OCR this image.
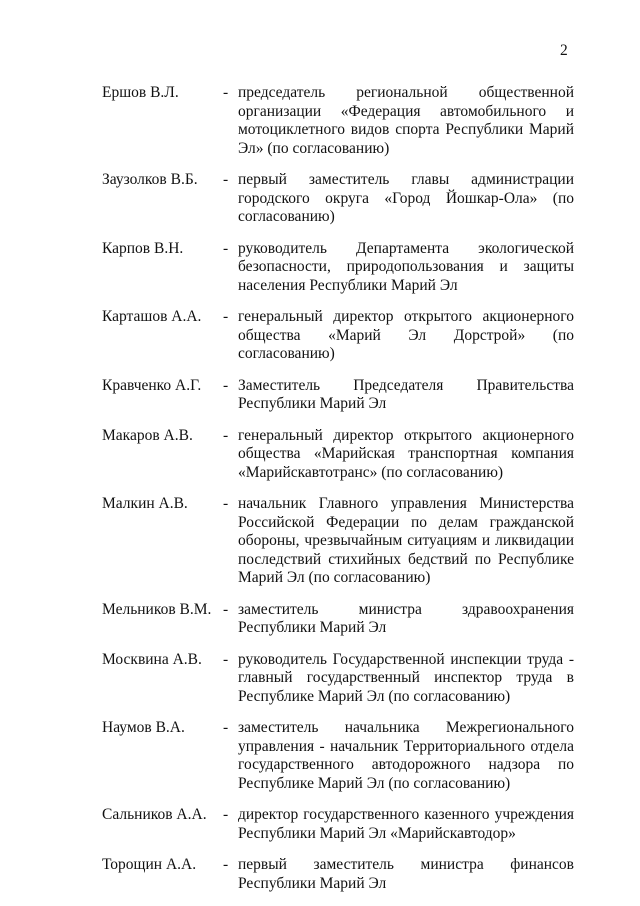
2
Ершов В.Л.	- председатель региональной общественной организации «Федерация автомобильного и мотоциклетного видов спорта Республики Марий Эл» (по согласованию)
Заузолков В.Б.	- первый заместитель главы администрации городского округа «Город Йошкар-Ола» (по согласованию)
Карпов В.Н.	- руководитель Департамента экологической безопасности, природопользования и защиты населения Республики Марий Эл
Карташов А.А.	- генеральный директор открытого акционерного общества «Марий Эл Дорстрой» (по согласованию)
Кравченко А.Г.	- Заместитель Председателя Правительства Республики Марий Эл
Макаров А.В.	- генеральный директор открытого акционерного общества «Марийская транспортная компания «Марийскавтотранс» (по согласованию)
Малкин А.В.	- начальник Главного управления Министерства Российской Федерации по делам гражданской обороны, чрезвычайным ситуациям и ликвидации последствий стихийных бедствий по Республике Марий Эл (по согласованию)
Мельников В.М. - заместитель министра здравоохранения Республики Марий Эл
Москвина А.В.	- руководитель Государственной инспекции труда - главный государственный инспектор труда в Республике Марий Эл (по согласованию)
Наумов В.А.	- заместитель начальника Межрегионального управления - начальник Территориального отдела государственного автодорожного надзора по Республике Марий Эл (по согласованию)
Сальников А.А.	- директор государственного казенного учреждения Республики Марий Эл «Марийскавтодор»
Торощин А.А.	- первый заместитель министра финансов Республики Марий Эл
